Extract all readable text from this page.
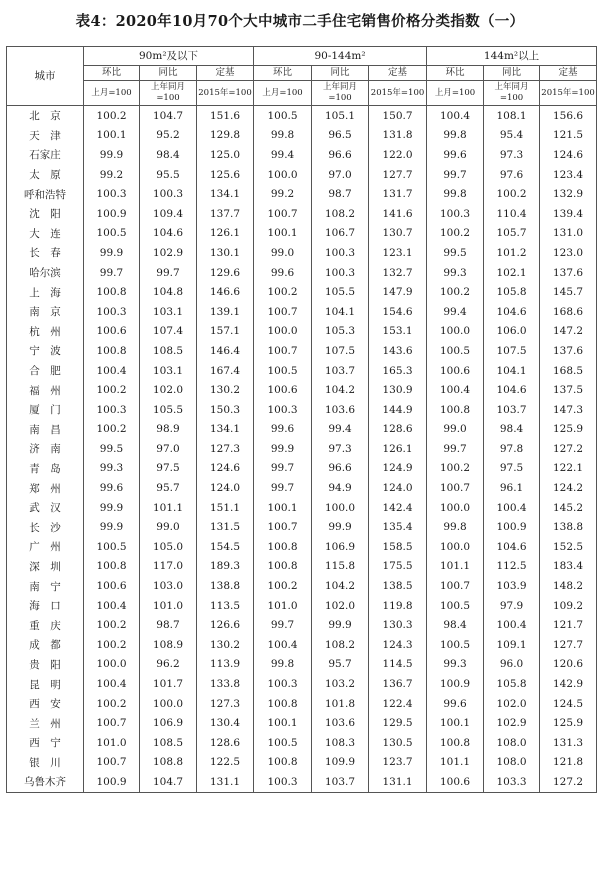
表4：2020年10月70个大中城市二手住宅销售价格分类指数（一）
城市	90m²及以下			90-144m²			144m²以上		
	环比	同比	定基	环比	同比	定基	环比	同比	定基
	上月=100	上年同月=100	2015年=100	上月=100	上年同月=100	2015年=100	上月=100	上年同月=100	2015年=100
北　京	100.2	104.7	151.6	100.5	105.1	150.7	100.4	108.1	156.6
天　津	100.1	95.2	129.8	99.8	96.5	131.8	99.8	95.4	121.5
石家庄	99.9	98.4	125.0	99.4	96.6	122.0	99.6	97.3	124.6
太　原	99.2	95.5	125.6	100.0	97.0	127.7	99.7	97.6	123.4
呼和浩特	100.3	100.3	134.1	99.2	98.7	131.7	99.8	100.2	132.9
沈　阳	100.9	109.4	137.7	100.7	108.2	141.6	100.3	110.4	139.4
大　连	100.5	104.6	126.1	100.1	106.7	130.7	100.2	105.7	131.0
长　春	99.9	102.9	130.1	99.0	100.3	123.1	99.5	101.2	123.0
哈尔滨	99.7	99.7	129.6	99.6	100.3	132.7	99.3	102.1	137.6
上　海	100.8	104.8	146.6	100.2	105.5	147.9	100.2	105.8	145.7
南　京	100.3	103.1	139.1	100.7	104.1	154.6	99.4	104.6	168.6
杭　州	100.6	107.4	157.1	100.0	105.3	153.1	100.0	106.0	147.2
宁　波	100.8	108.5	146.4	100.7	107.5	143.6	100.5	107.5	137.6
合　肥	100.4	103.1	167.4	100.5	103.7	165.3	100.6	104.1	168.5
福　州	100.2	102.0	130.2	100.6	104.2	130.9	100.4	104.6	137.5
厦　门	100.3	105.5	150.3	100.3	103.6	144.9	100.8	103.7	147.3
南　昌	100.2	98.9	134.1	99.6	99.4	128.6	99.0	98.4	125.9
济　南	99.5	97.0	127.3	99.9	97.3	126.1	99.7	97.8	127.2
青　岛	99.3	97.5	124.6	99.7	96.6	124.9	100.2	97.5	122.1
郑　州	99.6	95.7	124.0	99.7	94.9	124.0	100.7	96.1	124.2
武　汉	99.9	101.1	151.1	100.1	100.0	142.4	100.0	100.4	145.2
长　沙	99.9	99.0	131.5	100.7	99.9	135.4	99.8	100.9	138.8
广　州	100.5	105.0	154.5	100.8	106.9	158.5	100.0	104.6	152.5
深　圳	100.8	117.0	189.3	100.8	115.8	175.5	101.1	112.5	183.4
南　宁	100.6	103.0	138.8	100.2	104.2	138.5	100.7	103.9	148.2
海　口	100.4	101.0	113.5	101.0	102.0	119.8	100.5	97.9	109.2
重　庆	100.2	98.7	126.6	99.7	99.9	130.3	98.4	100.4	121.7
成　都	100.2	108.9	130.2	100.4	108.2	124.3	100.5	109.1	127.7
贵　阳	100.0	96.2	113.9	99.8	95.7	114.5	99.3	96.0	120.6
昆　明	100.4	101.7	133.8	100.3	103.2	136.7	100.9	105.8	142.9
西　安	100.2	100.0	127.3	100.8	101.8	122.4	99.6	102.0	124.5
兰　州	100.7	106.9	130.4	100.1	103.6	129.5	100.1	102.9	125.9
西　宁	101.0	108.5	128.6	100.5	108.3	130.5	100.8	108.0	131.3
银　川	100.7	108.8	122.5	100.8	109.9	123.7	101.1	108.0	121.8
乌鲁木齐	100.9	104.7	131.1	100.3	103.7	131.1	100.6	103.3	127.2
